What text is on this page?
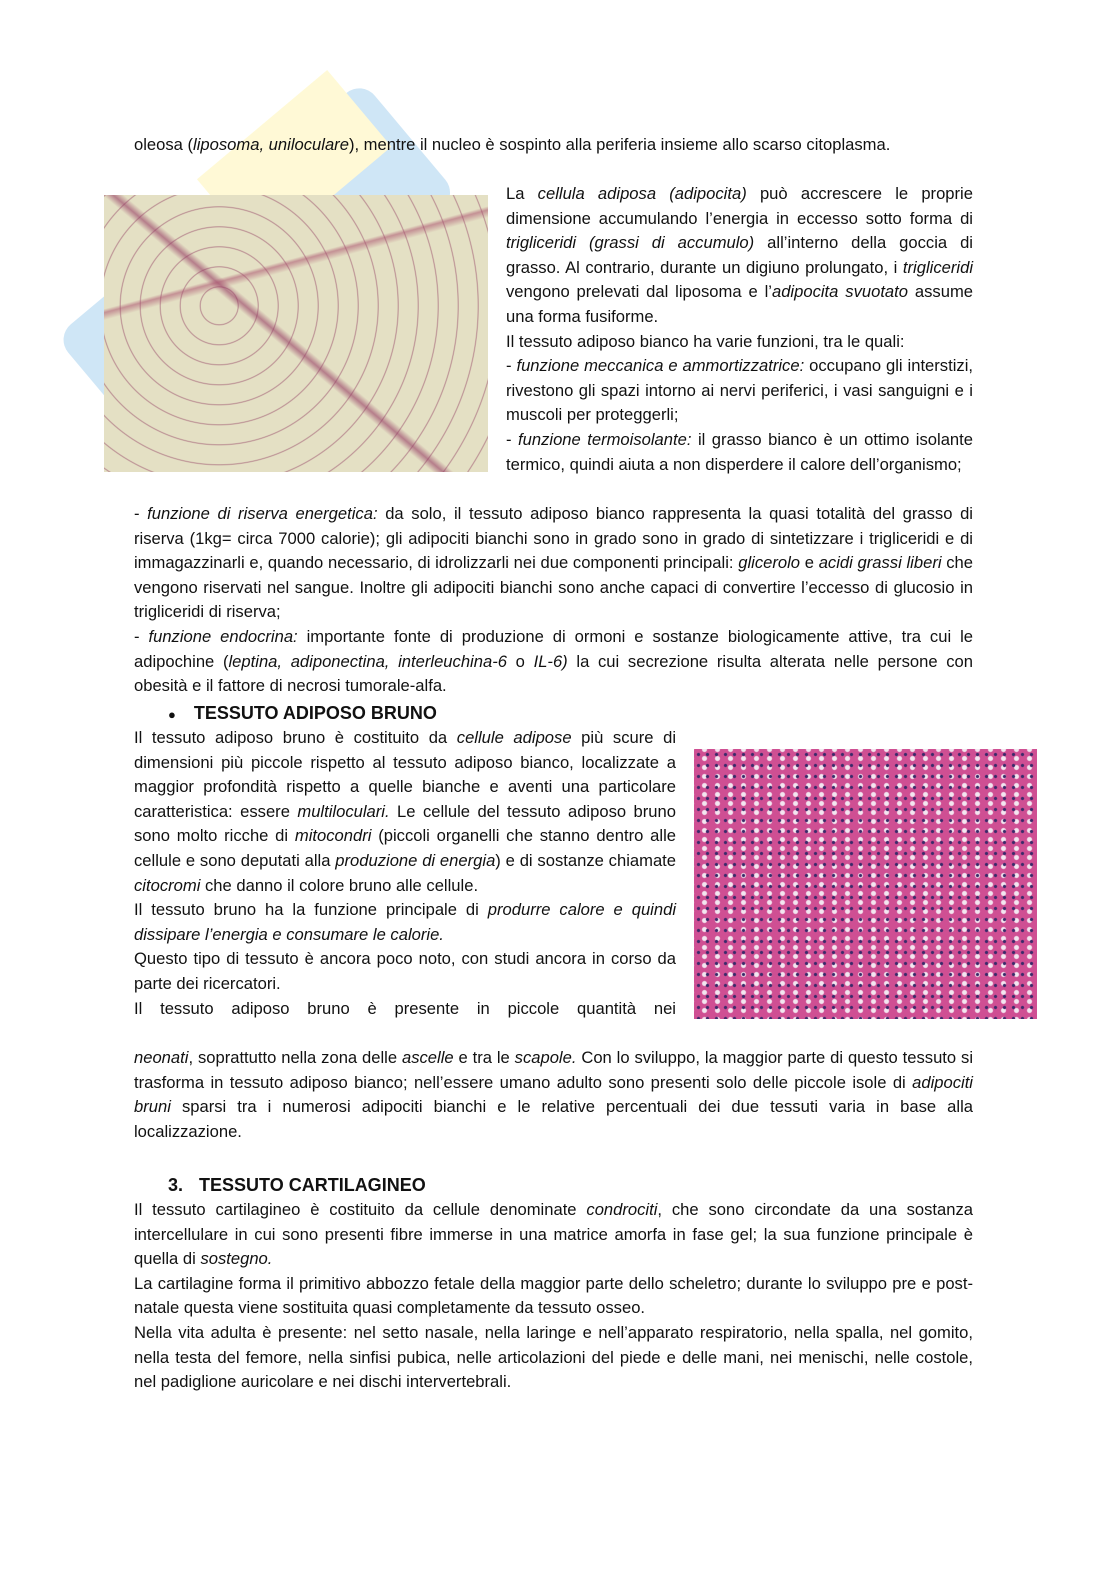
oleosa (liposoma, uniloculare), mentre il nucleo è sospinto alla periferia insieme allo scarso citoplasma.

La cellula adiposa (adipocita) può accrescere le proprie dimensione accumulando l’energia in eccesso sotto forma di trigliceridi (grassi di accumulo) all’interno della goccia di grasso. Al contrario, durante un digiuno prolungato, i trigliceridi vengono prelevati dal liposoma e l’adipocita svuotato assume una forma fusiforme.

Il tessuto adiposo bianco ha varie funzioni, tra le quali:

- funzione meccanica e ammortizzatrice: occupano gli interstizi, rivestono gli spazi intorno ai nervi periferici, i vasi sanguigni e i muscoli per proteggerli;

- funzione termoisolante: il grasso bianco è un ottimo isolante termico, quindi aiuta a non disperdere il calore dell’organismo;

- funzione di riserva energetica: da solo, il tessuto adiposo bianco rappresenta la quasi totalità del grasso di riserva (1kg= circa 7000 calorie); gli adipociti bianchi sono in grado sono in grado di sintetizzare i trigliceridi e di immagazzinarli e, quando necessario, di idrolizzarli nei due componenti principali: glicerolo e acidi grassi liberi che vengono riservati nel sangue. Inoltre gli adipociti bianchi sono anche capaci di convertire l’eccesso di glucosio in trigliceridi di riserva;

- funzione endocrina: importante fonte di produzione di ormoni e sostanze biologicamente attive, tra cui le adipochine (leptina, adiponectina, interleuchina-6 o IL-6) la cui secrezione risulta alterata nelle persone con obesità e il fattore di necrosi tumorale-alfa.

● TESSUTO ADIPOSO BRUNO

Il tessuto adiposo bruno è costituito da cellule adipose più scure di dimensioni più piccole rispetto al tessuto adiposo bianco, localizzate a maggior profondità rispetto a quelle bianche e aventi una particolare caratteristica: essere multiloculari. Le cellule del tessuto adiposo bruno sono molto ricche di mitocondri (piccoli organelli che stanno dentro alle cellule e sono deputati alla produzione di energia) e di sostanze chiamate citocromi che danno il colore bruno alle cellule.

Il tessuto bruno ha la funzione principale di produrre calore e quindi dissipare l’energia e consumare le calorie.

Questo tipo di tessuto è ancora poco noto, con studi ancora in corso da parte dei ricercatori.

Il tessuto adiposo bruno è presente in piccole quantità nei

neonati, soprattutto nella zona delle ascelle e tra le scapole. Con lo sviluppo, la maggior parte di questo tessuto si trasforma in tessuto adiposo bianco; nell’essere umano adulto sono presenti solo delle piccole isole di adipociti bruni sparsi tra i numerosi adipociti bianchi e le relative percentuali dei due tessuti varia in base alla localizzazione.

3. TESSUTO CARTILAGINEO

Il tessuto cartilagineo è costituito da cellule denominate condrociti, che sono circondate da una sostanza intercellulare in cui sono presenti fibre immerse in una matrice amorfa in fase gel; la sua funzione principale è quella di sostegno.

La cartilagine forma il primitivo abbozzo fetale della maggior parte dello scheletro; durante lo sviluppo pre e post-natale questa viene sostituita quasi completamente da tessuto osseo.

Nella vita adulta è presente: nel setto nasale, nella laringe e nell’apparato respiratorio, nella spalla, nel gomito, nella testa del femore, nella sinfisi pubica, nelle articolazioni del piede e delle mani, nei menischi, nelle costole, nel padiglione auricolare e nei dischi intervertebrali.
